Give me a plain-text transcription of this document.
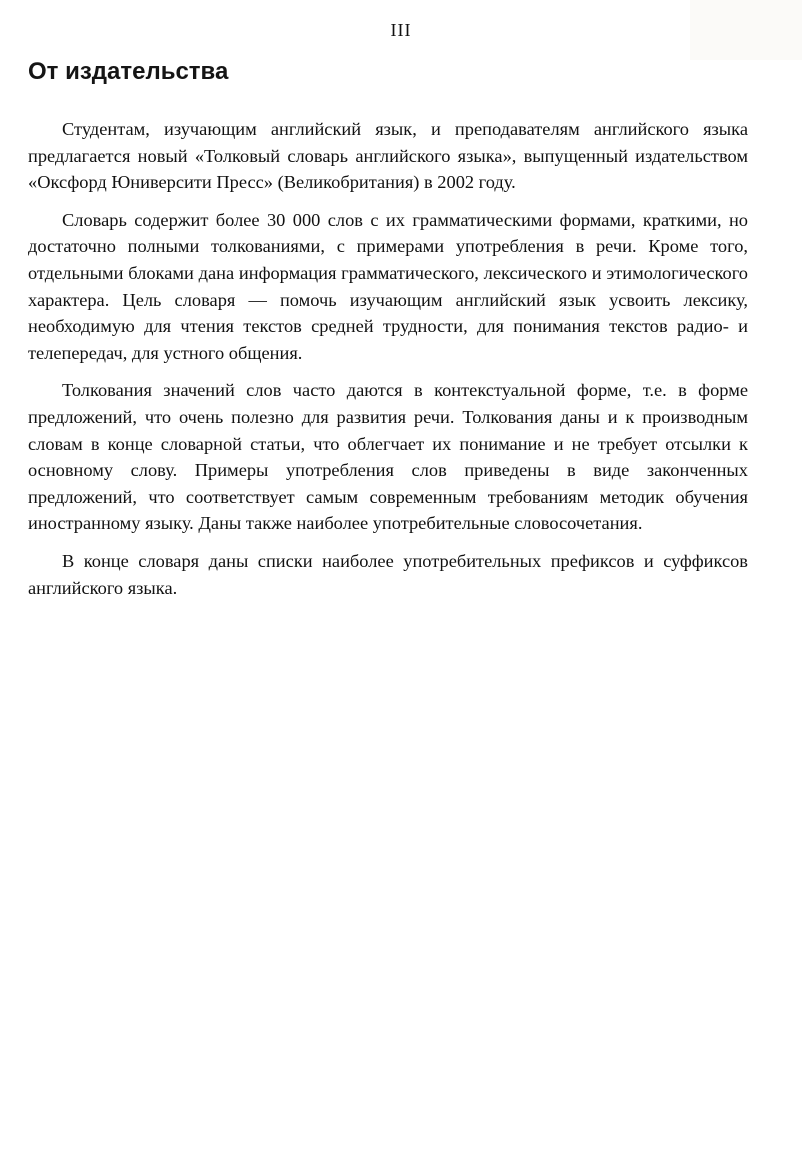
III
От издательства

Студентам, изучающим английский язык, и преподавателям английского языка предлагается новый «Толковый словарь английского языка», выпущенный издательством «Оксфорд Юниверсити Пресс» (Великобритания) в 2002 году.

Словарь содержит более 30 000 слов с их грамматическими формами, краткими, но достаточно полными толкованиями, с примерами употребления в речи. Кроме того, отдельными блоками дана информация грамматического, лексического и этимологического характера. Цель словаря — помочь изучающим английский язык усвоить лексику, необходимую для чтения текстов средней трудности, для понимания текстов радио- и телепередач, для устного общения.

Толкования значений слов часто даются в контекстуальной форме, т.е. в форме предложений, что очень полезно для развития речи. Толкования даны и к производным словам в конце словарной статьи, что облегчает их понимание и не требует отсылки к основному слову. Примеры употребления слов приведены в виде законченных предложений, что соответствует самым современным требованиям методик обучения иностранному языку. Даны также наиболее употребительные словосочетания.

В конце словаря даны списки наиболее употребительных префиксов и суффиксов английского языка.
